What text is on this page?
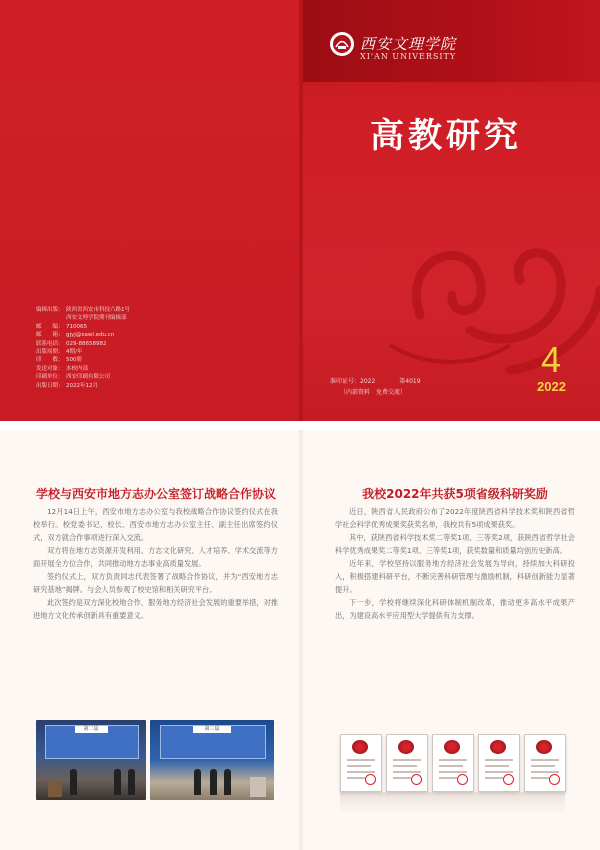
西安文理学院
XI'AN UNIVERSITY
高教研究
4
2022
准印证号：2022　　　　第4019
（内部资料　免费交流）
编辑出版： 陕西省西安市科技六路1号
西安文理学院期刊编辑部
邮　　编： 710065
邮　　箱： gjyj@xawl.edu.cn
联系电话： 029-88658982
出版周期： 4期/年
印　　数： 500册
发送对象： 本校内部
印刷单位： 西安印刷有限公司
出版日期： 2022年12月
学校与西安市地方志办公室签订战略合作协议

12月14日上午，西安市地方志办公室与我校战略合作协议签约仪式在我校举行。校党委书记、校长、西安市地方志办公室主任、副主任出席签约仪式，双方就合作事项进行深入交流。

双方将在地方志资源开发利用、方志文化研究、人才培养、学术交流等方面开展全方位合作，共同推动地方志事业高质量发展。

签约仪式上，双方负责同志代表签署了战略合作协议，并为“西安地方志研究基地”揭牌。与会人员参观了校史馆和相关研究平台。

此次签约是双方深化校地合作、服务地方经济社会发展的重要举措，对推进地方文化传承创新具有重要意义。

第二届	第三届
我校2022年共获5项省级科研奖励

近日，陕西省人民政府公布了2022年度陕西省科学技术奖和陕西省哲学社会科学优秀成果奖获奖名单，我校共有5项成果获奖。

其中，获陕西省科学技术奖二等奖1项、三等奖2项，获陕西省哲学社会科学优秀成果奖二等奖1项、三等奖1项，获奖数量和质量均创历史新高。

近年来，学校坚持以服务地方经济社会发展为导向，持续加大科研投入，积极搭建科研平台，不断完善科研管理与激励机制，科研创新能力显著提升。

下一步，学校将继续深化科研体制机制改革，推动更多高水平成果产出，为建设高水平应用型大学提供有力支撑。
